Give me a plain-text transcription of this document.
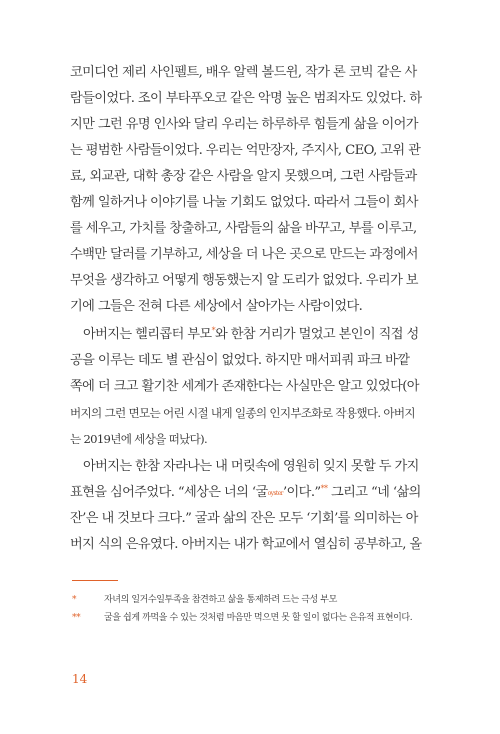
코미디언 제리 사인펠트, 배우 알렉 볼드윈, 작가 론 코빅 같은 사
람들이었다. 조이 부타푸오코 같은 악명 높은 범죄자도 있었다. 하
지만 그런 유명 인사와 달리 우리는 하루하루 힘들게 삶을 이어가
는 평범한 사람들이었다. 우리는 억만장자, 주지사, CEO, 고위 관
료, 외교관, 대학 총장 같은 사람을 알지 못했으며, 그런 사람들과
함께 일하거나 이야기를 나눌 기회도 없었다. 따라서 그들이 회사
를 세우고, 가치를 창출하고, 사람들의 삶을 바꾸고, 부를 이루고,
수백만 달러를 기부하고, 세상을 더 나은 곳으로 만드는 과정에서
무엇을 생각하고 어떻게 행동했는지 알 도리가 없었다. 우리가 보
기에 그들은 전혀 다른 세상에서 살아가는 사람이었다.
아버지는 헬리콥터 부모*와 한참 거리가 멀었고 본인이 직접 성
공을 이루는 데도 별 관심이 없었다. 하지만 매서피쿼 파크 바깥
쪽에 더 크고 활기찬 세계가 존재한다는 사실만은 알고 있었다(아
버지의 그런 면모는 어린 시절 내게 일종의 인지부조화로 작용했다. 아버지
는 2019년에 세상을 떠났다).
아버지는 한참 자라나는 내 머릿속에 영원히 잊지 못할 두 가지
표현을 심어주었다. “세상은 너의 ‘굴oyster’이다.”** 그리고 “네 ‘삶의
잔’은 내 것보다 크다.” 굴과 삶의 잔은 모두 ‘기회’를 의미하는 아
버지 식의 은유였다. 아버지는 내가 학교에서 열심히 공부하고, 올
*	자녀의 일거수일투족을 참견하고 삶을 통제하려 드는 극성 부모
**	굴을 쉽게 까먹을 수 있는 것처럼 마음만 먹으면 못 할 일이 없다는 은유적 표현이다.
14
